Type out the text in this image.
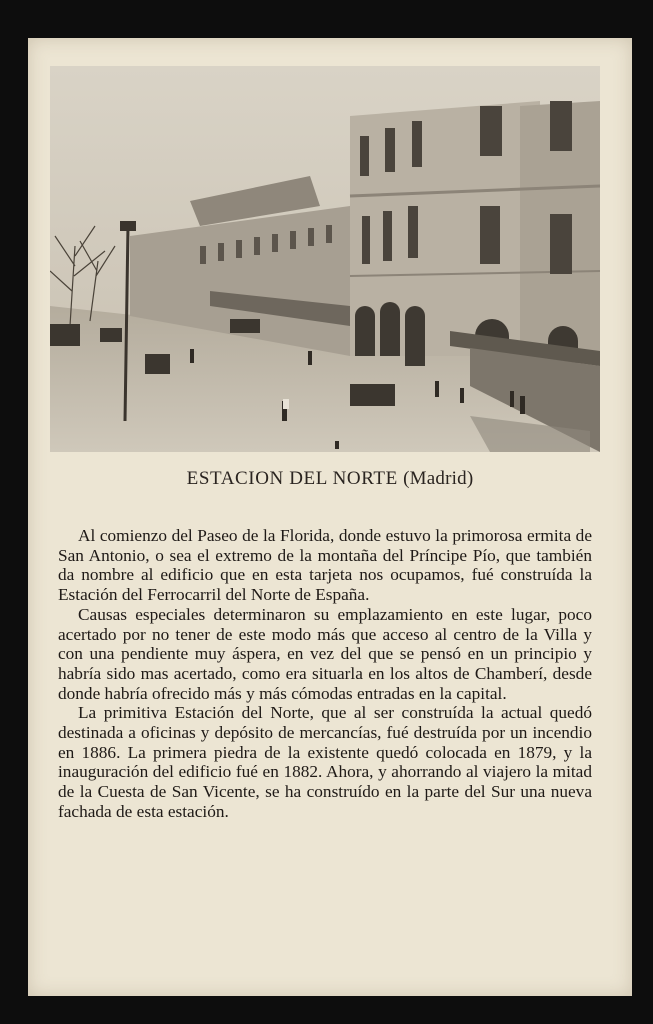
ESTACION DEL NORTE (Madrid)

Al comienzo del Paseo de la Florida, donde estuvo la primorosa ermita de San Antonio, o sea el extremo de la montaña del Príncipe Pío, que también da nombre al edificio que en esta tarjeta nos ocupamos, fué construída la Estación del Ferrocarril del Norte de España.

Causas especiales determinaron su emplazamiento en este lugar, poco acertado por no tener de este modo más que acceso al centro de la Villa y con una pendiente muy áspera, en vez del que se pensó en un principio y habría sido mas acertado, como era situarla en los altos de Chamberí, desde donde habría ofrecido más y más cómodas entradas en la capital.

La primitiva Estación del Norte, que al ser construída la actual quedó destinada a oficinas y depósito de mercancías, fué destruída por un incendio en 1886. La primera piedra de la existente quedó colocada en 1879, y la inauguración del edificio fué en 1882. Ahora, y ahorrando al viajero la mitad de la Cuesta de San Vicente, se ha construído en la parte del Sur una nueva fachada de esta estación.
